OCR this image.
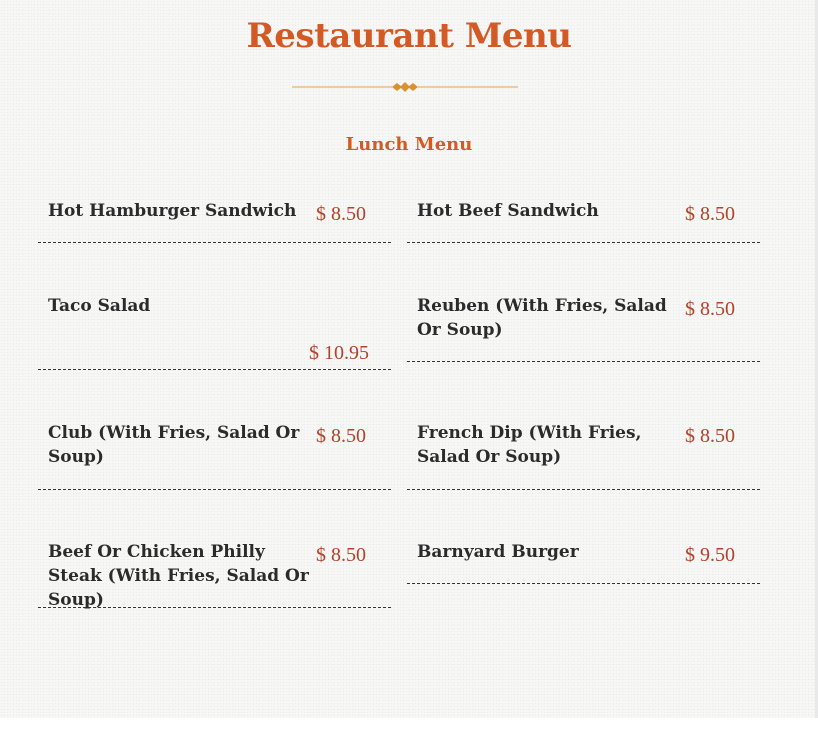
Restaurant Menu
Lunch Menu
Hot Hamburger Sandwich $ 8.50	Hot Beef Sandwich	$ 8.50
Taco Salad
$ 10.95
Reuben (With Fries, Salad Or Soup)
$ 8.50
Club (With Fries, Salad Or Soup)
$ 8.50	French Dip (With Fries, Salad Or Soup)
$ 8.50
Beef Or Chicken Philly Steak (With Fries, Salad Or Soup)
$ 8.50	Barnyard Burger	$ 9.50
